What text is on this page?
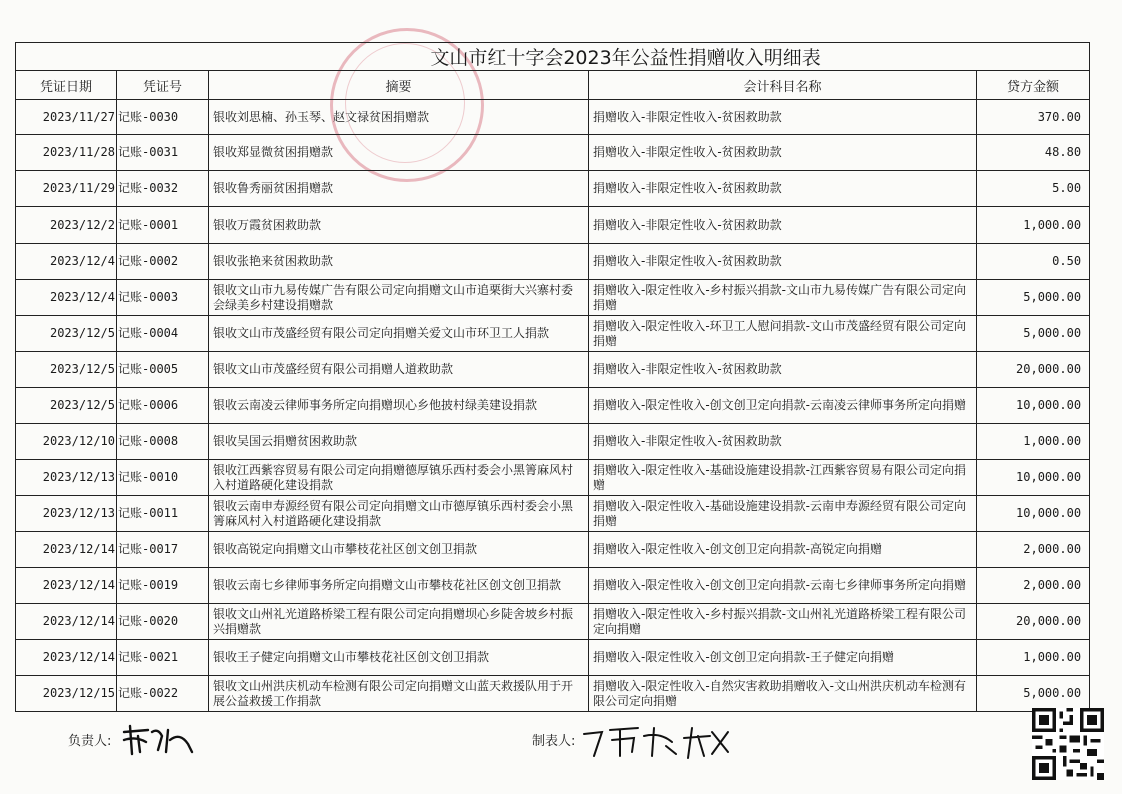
文山市红十字会2023年公益性捐赠收入明细表				
凭证日期	凭证号	摘要	会计科目名称	贷方金额
2023/11/27	记账-0030	银收刘思楠、孙玉琴、赵文禄贫困捐赠款	捐赠收入-非限定性收入-贫困救助款	370.00
2023/11/28	记账-0031	银收郑显微贫困捐赠款	捐赠收入-非限定性收入-贫困救助款	48.80
2023/11/29	记账-0032	银收鲁秀丽贫困捐赠款	捐赠收入-非限定性收入-贫困救助款	5.00
2023/12/2	记账-0001	银收万霞贫困救助款	捐赠收入-非限定性收入-贫困救助款	1,000.00
2023/12/4	记账-0002	银收张艳来贫困救助款	捐赠收入-非限定性收入-贫困救助款	0.50
2023/12/4	记账-0003	银收文山市九易传媒广告有限公司定向捐赠文山市追栗街大兴寨村委会绿美乡村建设捐赠款	捐赠收入-限定性收入-乡村振兴捐款-文山市九易传媒广告有限公司定向捐赠	5,000.00
2023/12/5	记账-0004	银收文山市茂盛经贸有限公司定向捐赠关爱文山市环卫工人捐款	捐赠收入-限定性收入-环卫工人慰问捐款-文山市茂盛经贸有限公司定向捐赠	5,000.00
2023/12/5	记账-0005	银收文山市茂盛经贸有限公司捐赠人道救助款	捐赠收入-非限定性收入-贫困救助款	20,000.00
2023/12/5	记账-0006	银收云南凌云律师事务所定向捐赠坝心乡他披村绿美建设捐款	捐赠收入-限定性收入-创文创卫定向捐款-云南凌云律师事务所定向捐赠	10,000.00
2023/12/10	记账-0008	银收吴国云捐赠贫困救助款	捐赠收入-非限定性收入-贫困救助款	1,000.00
2023/12/13	记账-0010	银收江西紫容贸易有限公司定向捐赠德厚镇乐西村委会小黑箐麻风村入村道路硬化建设捐款	捐赠收入-限定性收入-基础设施建设捐款-江西紫容贸易有限公司定向捐赠	10,000.00
2023/12/13	记账-0011	银收云南申寿源经贸有限公司定向捐赠文山市德厚镇乐西村委会小黑箐麻风村入村道路硬化建设捐款	捐赠收入-限定性收入-基础设施建设捐款-云南申寿源经贸有限公司定向捐赠	10,000.00
2023/12/14	记账-0017	银收高锐定向捐赠文山市攀枝花社区创文创卫捐款	捐赠收入-限定性收入-创文创卫定向捐款-高锐定向捐赠	2,000.00
2023/12/14	记账-0019	银收云南七乡律师事务所定向捐赠文山市攀枝花社区创文创卫捐款	捐赠收入-限定性收入-创文创卫定向捐款-云南七乡律师事务所定向捐赠	2,000.00
2023/12/14	记账-0020	银收文山州礼光道路桥梁工程有限公司定向捐赠坝心乡陡舍坡乡村振兴捐赠款	捐赠收入-限定性收入-乡村振兴捐款-文山州礼光道路桥梁工程有限公司定向捐赠	20,000.00
2023/12/14	记账-0021	银收王子健定向捐赠文山市攀枝花社区创文创卫捐款	捐赠收入-限定性收入-创文创卫定向捐款-王子健定向捐赠	1,000.00
2023/12/15	记账-0022	银收文山州洪庆机动车检测有限公司定向捐赠文山蓝天救援队用于开展公益救援工作捐款	捐赠收入-限定性收入-自然灾害救助捐赠收入-文山州洪庆机动车检测有限公司定向捐赠	5,000.00
负责人:	制表人:
